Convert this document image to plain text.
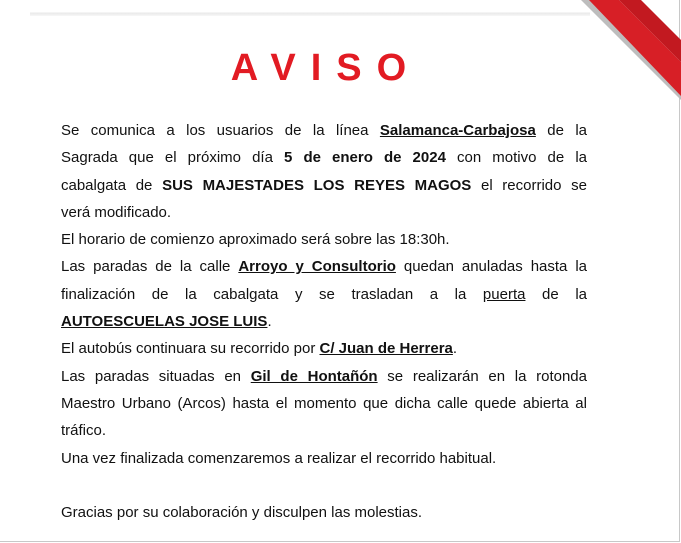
AVISO

Se comunica a los usuarios de la línea Salamanca-Carbajosa de la

Sagrada que el próximo día 5 de enero de 2024 con motivo de la

cabalgata de SUS MAJESTADES LOS REYES MAGOS el recorrido se

verá modificado.

El horario de comienzo aproximado será sobre las 18:30h.

Las paradas de la calle Arroyo y Consultorio quedan anuladas hasta la

finalización de la cabalgata y se trasladan a la puerta de la

AUTOESCUELAS JOSE LUIS.

El autobús continuara su recorrido por C/ Juan de Herrera.

Las paradas situadas en Gil de Hontañón se realizarán en la rotonda

Maestro Urbano (Arcos) hasta el momento que dicha calle quede abierta al

tráfico.

Una vez finalizada comenzaremos a realizar el recorrido habitual.

Gracias por su colaboración y disculpen las molestias.
